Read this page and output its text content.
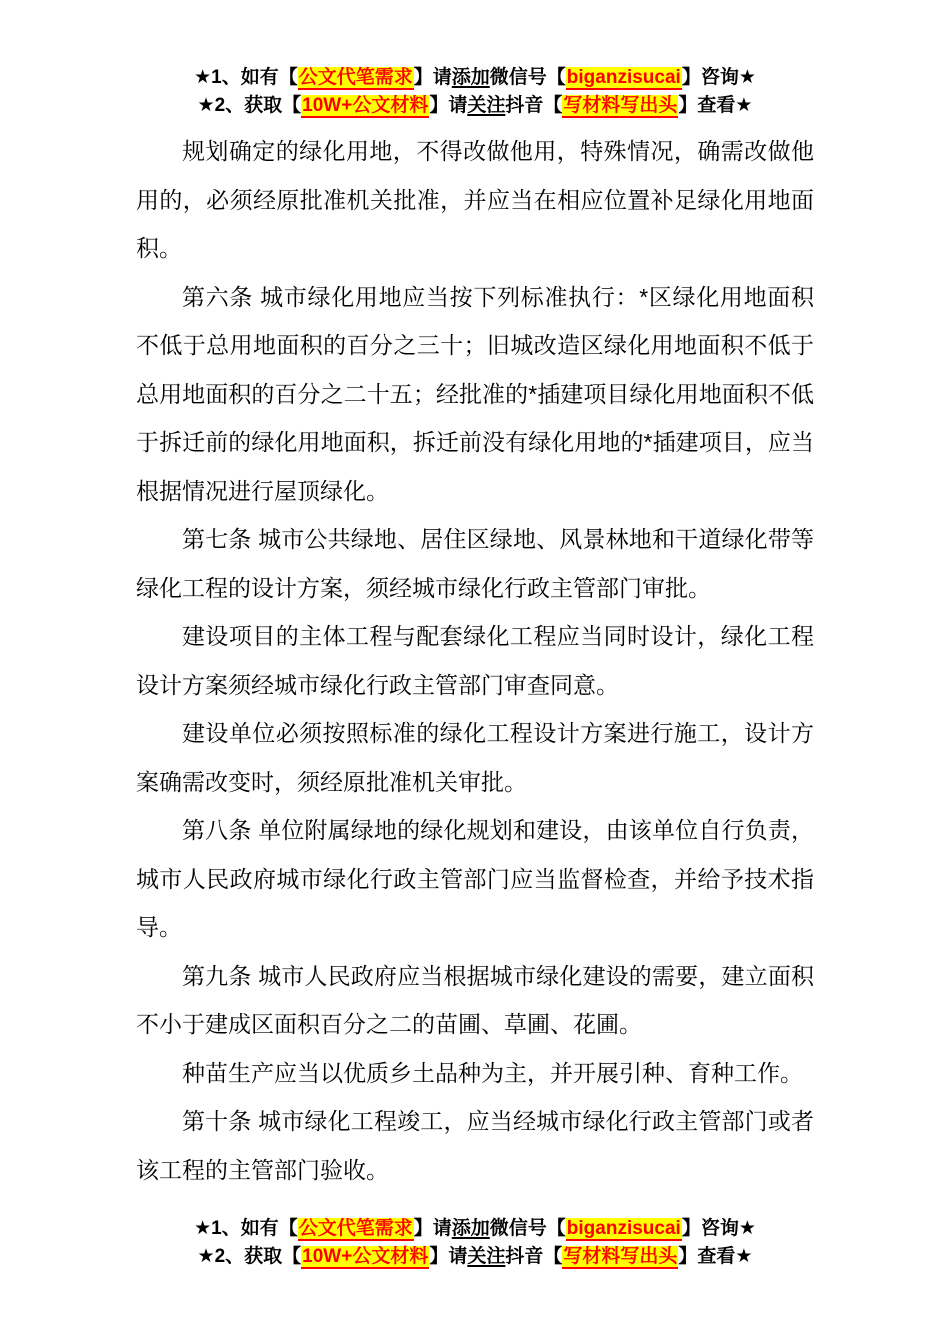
★1、如有【公文代笔需求】请添加微信号【biganzisucai】咨询★
★2、获取【10W+公文材料】请关注抖音【写材料写出头】查看★

规划确定的绿化用地，不得改做他用，特殊情况，确需改做他用的，必须经原批准机关批准，并应当在相应位置补足绿化用地面积。

第六条 城市绿化用地应当按下列标准执行：*区绿化用地面积不低于总用地面积的百分之三十；旧城改造区绿化用地面积不低于总用地面积的百分之二十五；经批准的*插建项目绿化用地面积不低于拆迁前的绿化用地面积，拆迁前没有绿化用地的*插建项目，应当根据情况进行屋顶绿化。

第七条 城市公共绿地、居住区绿地、风景林地和干道绿化带等绿化工程的设计方案，须经城市绿化行政主管部门审批。

建设项目的主体工程与配套绿化工程应当同时设计，绿化工程设计方案须经城市绿化行政主管部门审查同意。

建设单位必须按照标准的绿化工程设计方案进行施工，设计方案确需改变时，须经原批准机关审批。

第八条 单位附属绿地的绿化规划和建设，由该单位自行负责，城市人民政府城市绿化行政主管部门应当监督检查，并给予技术指导。

第九条 城市人民政府应当根据城市绿化建设的需要，建立面积不小于建成区面积百分之二的苗圃、草圃、花圃。

种苗生产应当以优质乡土品种为主，并开展引种、育种工作。

第十条 城市绿化工程竣工，应当经城市绿化行政主管部门或者该工程的主管部门验收。

★1、如有【公文代笔需求】请添加微信号【biganzisucai】咨询★
★2、获取【10W+公文材料】请关注抖音【写材料写出头】查看★
